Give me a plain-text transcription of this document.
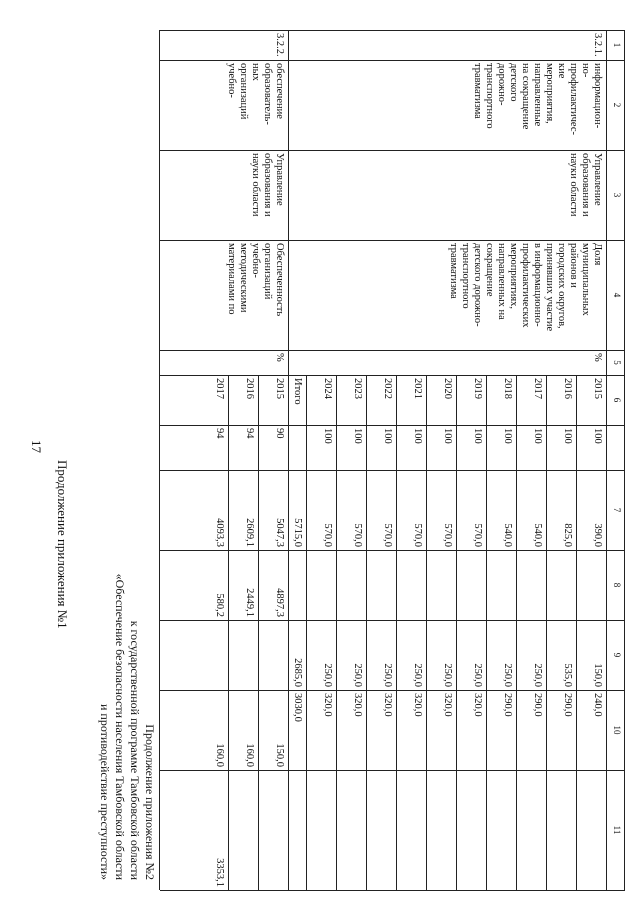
17
Продолжение приложения №1
Продолжение приложения №2
к государственной программе Тамбовской области
«Обеспечение безопасности населения Тамбовской области
и противодействие преступности»
1
2
3
4
5
6
7
8
9
10
11
2015
100
390,0
150,0
240,0
2016
100
825,0
535,0
290,0
2017
100
540,0
250,0
290,0
2018
100
540,0
250,0
290,0
2019
100
570,0
250,0
320,0
2020
100
570,0
250,0
320,0
2021
100
570,0
250,0
320,0
2022
100
570,0
250,0
320,0
2023
100
570,0
250,0
320,0
2024
100
570,0
250,0
320,0
Итого
5715,0
2685,0
3030,0
3.2.1.
информацион-
но-
профилактичес-
кие
мероприятия,
направленные
на сокращение
детского
дорожно-
транспортного
травматизма
Управление
образования и
науки области
Доля
муниципальных
районов и
городских округов,
принявших участие
в информационно-
профилактических
мероприятиях,
направленных на
сокращение
детского дорожно-
транспортного
травматизма
%
2015
90
5047,3
4897,3
150,0
2016
94
2609,1
2449,1
160,0
2017
94
4093,3
580,2
160,0
3353,1
3.2.2.
обеспечение
образователь-
ных
организаций
учебно-
Управление
образования и
науки области
Обеспеченность
организаций
учебно-
методическими
материалами по
%
